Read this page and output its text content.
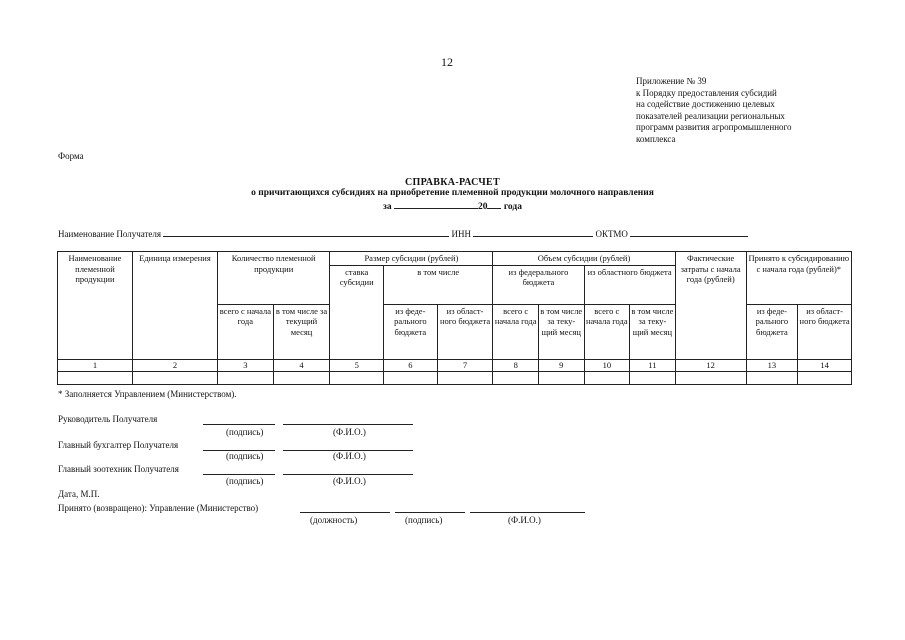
12
Приложение № 39
к Порядку предоставления субсидий
на содействие достижению целевых
показателей реализации региональных
программ развития агропромышленного
комплекса
Форма
СПРАВКА-РАСЧЕТ
о причитающихся субсидиях на приобретение племенной продукции молочного направления
за	20 года
Наименование Получателя	ИНН	ОКТМО
Наименование племенной продукции	Единица измерения	Количество племенной продукции		Размер субсидии (рублей)			Объем субсидии (рублей)				Фактические затраты с начала года (рублей)	Принято к субсидированию с начала года (рублей)*	
				ставка субсидии	в том числе		из федерального бюджета		из областного бюджета				
		всего с начала года	в том числе за текущий месяц		из феде-рального бюджета	из област-ного бюджета	всего с начала года	в том числе за теку-щий месяц	всего с начала года	в том числе за теку-щий месяц		из феде-рального бюджета	из област-ного бюджета
1	2	3	4	5	6	7	8	9	10	11	12	13	14

* Заполняется Управлением (Министерством).
Руководитель Получателя
(подпись)	(Ф.И.О.)
Главный бухгалтер Получателя
(подпись)	(Ф.И.О.)
Главный зоотехник Получателя
(подпись)	(Ф.И.О.)
Дата, М.П.
Принято (возвращено): Управление (Министерство)
(должность)	(подпись)	(Ф.И.О.)
